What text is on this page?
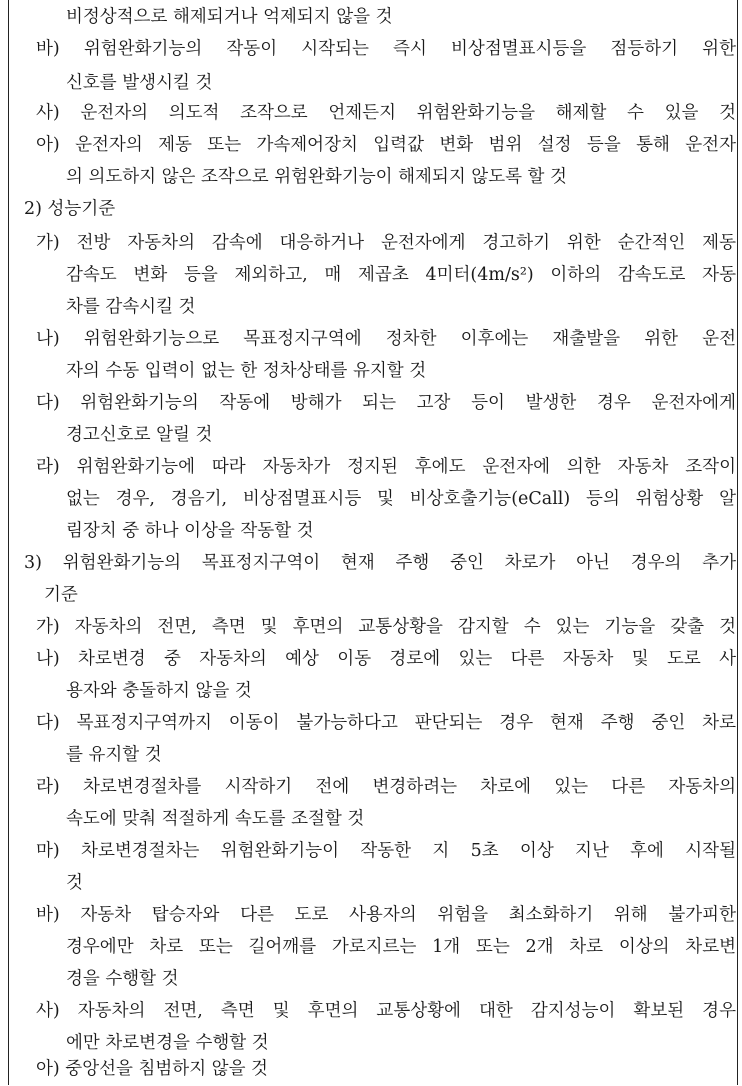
비정상적으로 해제되거나 억제되지 않을 것
바) 위험완화기능의 작동이 시작되는 즉시 비상점멸표시등을 점등하기 위한
신호를 발생시킬 것
사) 운전자의 의도적 조작으로 언제든지 위험완화기능을 해제할 수 있을 것
아) 운전자의 제동 또는 가속제어장치 입력값 변화 범위 설정 등을 통해 운전자
의 의도하지 않은 조작으로 위험완화기능이 해제되지 않도록 할 것
2) 성능기준
가) 전방 자동차의 감속에 대응하거나 운전자에게 경고하기 위한 순간적인 제동
감속도 변화 등을 제외하고, 매 제곱초 4미터(4m/s²) 이하의 감속도로 자동
차를 감속시킬 것
나) 위험완화기능으로 목표정지구역에 정차한 이후에는 재출발을 위한 운전
자의 수동 입력이 없는 한 정차상태를 유지할 것
다) 위험완화기능의 작동에 방해가 되는 고장 등이 발생한 경우 운전자에게
경고신호로 알릴 것
라) 위험완화기능에 따라 자동차가 정지된 후에도 운전자에 의한 자동차 조작이
없는 경우, 경음기, 비상점멸표시등 및 비상호출기능(eCall) 등의 위험상황 알
림장치 중 하나 이상을 작동할 것
3) 위험완화기능의 목표정지구역이 현재 주행 중인 차로가 아닌 경우의 추가
기준
가) 자동차의 전면, 측면 및 후면의 교통상황을 감지할 수 있는 기능을 갖출 것
나) 차로변경 중 자동차의 예상 이동 경로에 있는 다른 자동차 및 도로 사
용자와 충돌하지 않을 것
다) 목표정지구역까지 이동이 불가능하다고 판단되는 경우 현재 주행 중인 차로
를 유지할 것
라) 차로변경절차를 시작하기 전에 변경하려는 차로에 있는 다른 자동차의
속도에 맞춰 적절하게 속도를 조절할 것
마) 차로변경절차는 위험완화기능이 작동한 지 5초 이상 지난 후에 시작될
것
바) 자동차 탑승자와 다른 도로 사용자의 위험을 최소화하기 위해 불가피한
경우에만 차로 또는 길어깨를 가로지르는 1개 또는 2개 차로 이상의 차로변
경을 수행할 것
사) 자동차의 전면, 측면 및 후면의 교통상황에 대한 감지성능이 확보된 경우
에만 차로변경을 수행할 것
아) 중앙선을 침범하지 않을 것
